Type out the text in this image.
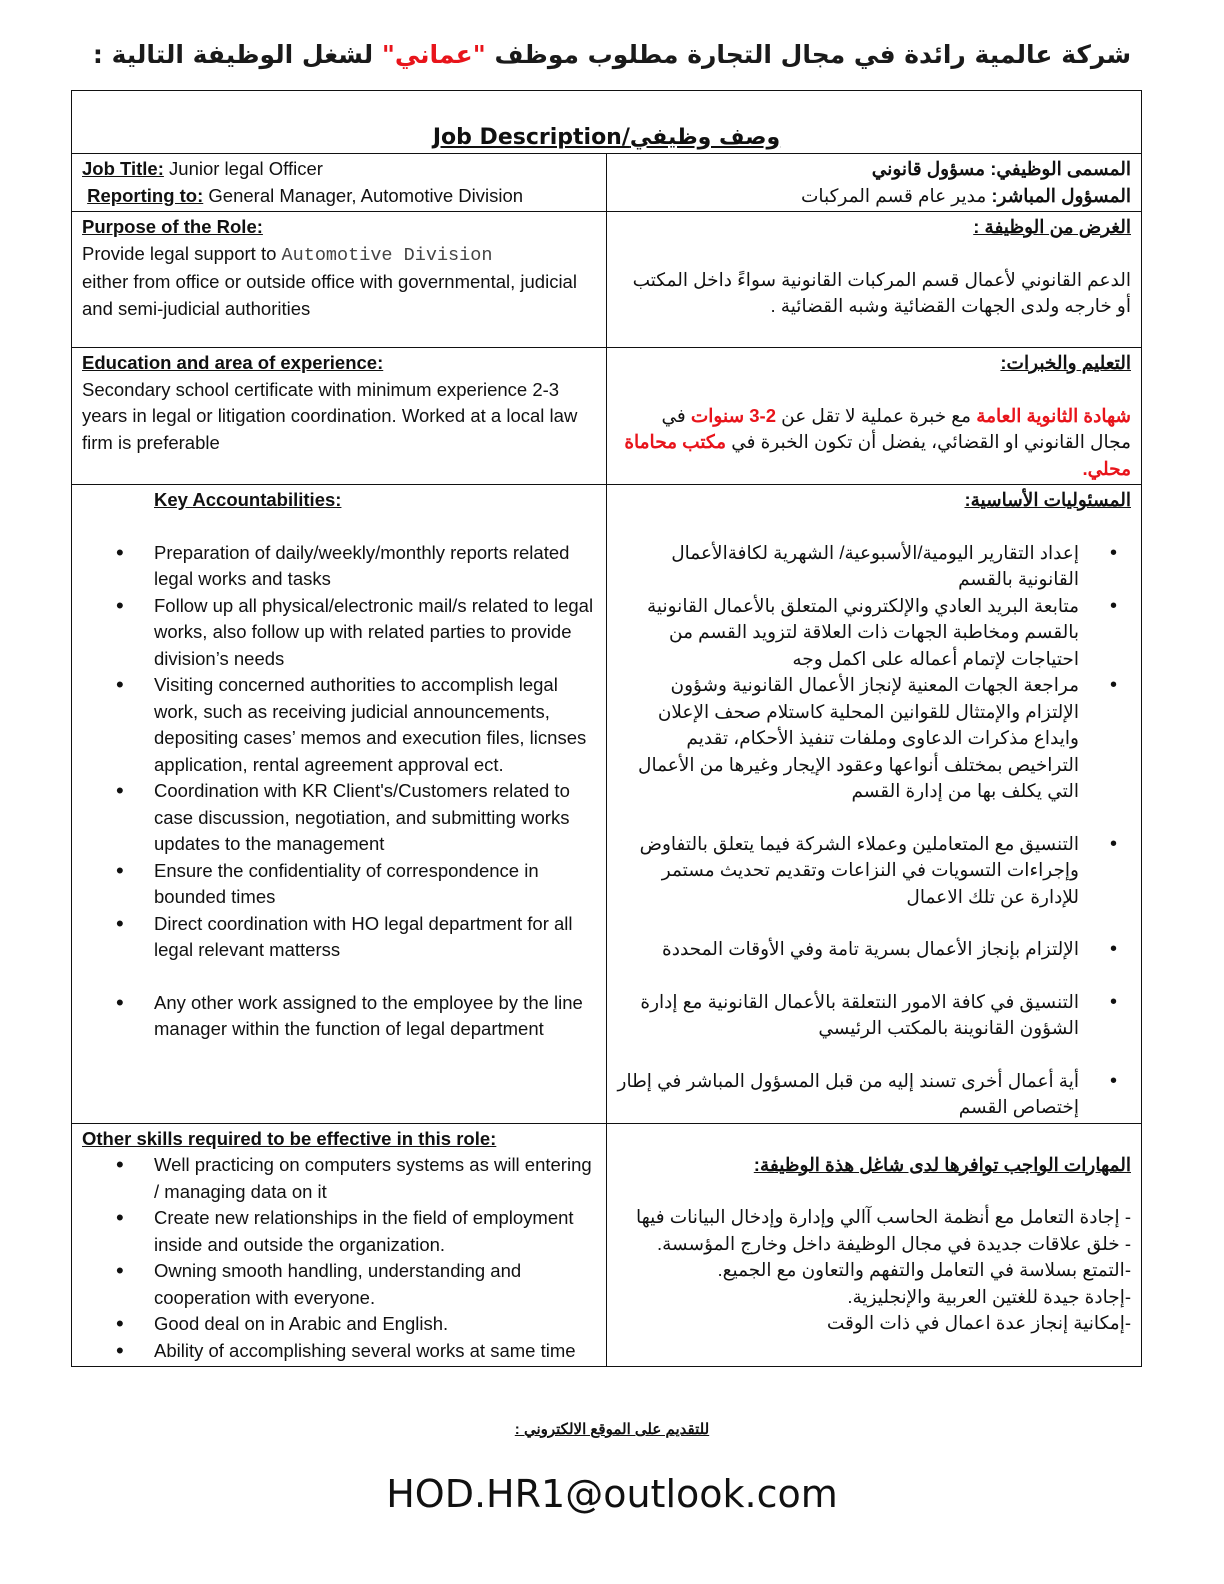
شركة عالمية رائدة في مجال التجارة مطلوب موظف "عماني" لشغل الوظيفة التالية :
Job Description/وصف وظيفي	

Job Title: Junior legal Officer
Reporting to: General Manager, Automotive Division

المسمى الوظيفي: مسؤول قانوني
المسؤول المباشر: مدير عام قسم المركبات

Purpose of the Role:
Provide legal support to Automotive Division
either from office or outside office with governmental, judicial and semi-judicial authorities

الغرض من الوظيفة :
الدعم القانوني لأعمال قسم المركبات القانونية سواءً داخل المكتب أو خارجه ولدى الجهات القضائية وشبه القضائية .

Education and area of experience:
Secondary school certificate with minimum experience 2-3 years in legal or litigation coordination. Worked at a local law firm is preferable

التعليم والخبرات:
شهادة الثانوية العامة مع خبرة عملية لا تقل عن 2-3 سنوات في مجال القانوني او القضائي، يفضل أن تكون الخبرة في مكتب محاماة محلي.

Key Accountabilities:
• Preparation of daily/weekly/monthly reports related legal works and tasks
• Follow up all physical/electronic mail/s related to legal works, also follow up with related parties to provide division’s needs
• Visiting concerned authorities to accomplish legal work, such as receiving judicial announcements, depositing cases’ memos and execution files, licnses application, rental agreement approval ect.
• Coordination with KR Client's/Customers related to case discussion, negotiation, and submitting works updates to the management
• Ensure the confidentiality of correspondence in bounded times
• Direct coordination with HO legal department for all legal relevant matterss
• Any other work assigned to the employee by the line manager within the function of legal department

المسئوليات الأساسية:
• إعداد التقارير اليومية/الأسبوعية/ الشهرية لكافةالأعمال القانونية بالقسم
• متابعة البريد العادي والإلكتروني المتعلق بالأعمال القانونية بالقسم ومخاطبة الجهات ذات العلاقة لتزويد القسم من احتياجات لإتمام أعماله على اكمل وجه
• مراجعة الجهات المعنية لإنجاز الأعمال القانونية وشؤون الإلتزام والإمتثال للقوانين المحلية كاستلام صحف الإعلان وايداع مذكرات الدعاوى وملفات تنفيذ الأحكام، تقديم التراخيص بمختلف أنواعها وعقود الإيجار وغيرها من الأعمال التي يكلف بها من إدارة القسم
• التنسيق مع المتعاملين وعملاء الشركة فيما يتعلق بالتفاوض وإجراءات التسويات في النزاعات وتقديم تحديث مستمر للإدارة عن تلك الاعمال
• الإلتزام بإنجاز الأعمال بسرية تامة وفي الأوقات المحددة
• التنسيق في كافة الامور النتعلقة بالأعمال القانونية مع إدارة الشؤون القانوينة بالمكتب الرئيسي
• أية أعمال أخرى تسند إليه من قبل المسؤول المباشر في إطار إختصاص القسم

Other skills required to be effective in this role:
• Well practicing on computers systems as will entering / managing data on it
• Create new relationships in the field of employment inside and outside the organization.
• Owning smooth handling, understanding and cooperation with everyone.
• Good deal on in Arabic and English.
• Ability of accomplishing several works at same time

المهارات الواجب توافرها لدى شاغل هذة الوظيفة:
- إجادة التعامل مع أنظمة الحاسب آالي وإدارة وإدخال البيانات فيها
- خلق علاقات جديدة في مجال الوظيفة داخل وخارج المؤسسة.
-التمتع بسلاسة في التعامل والتفهم والتعاون مع الجميع.
-إجادة جيدة للغتين العربية والإنجليزية.
-إمكانية إنجاز عدة اعمال في ذات الوقت
للتقديم على الموقع الالكتروني :
HOD.HR1@outlook.com
